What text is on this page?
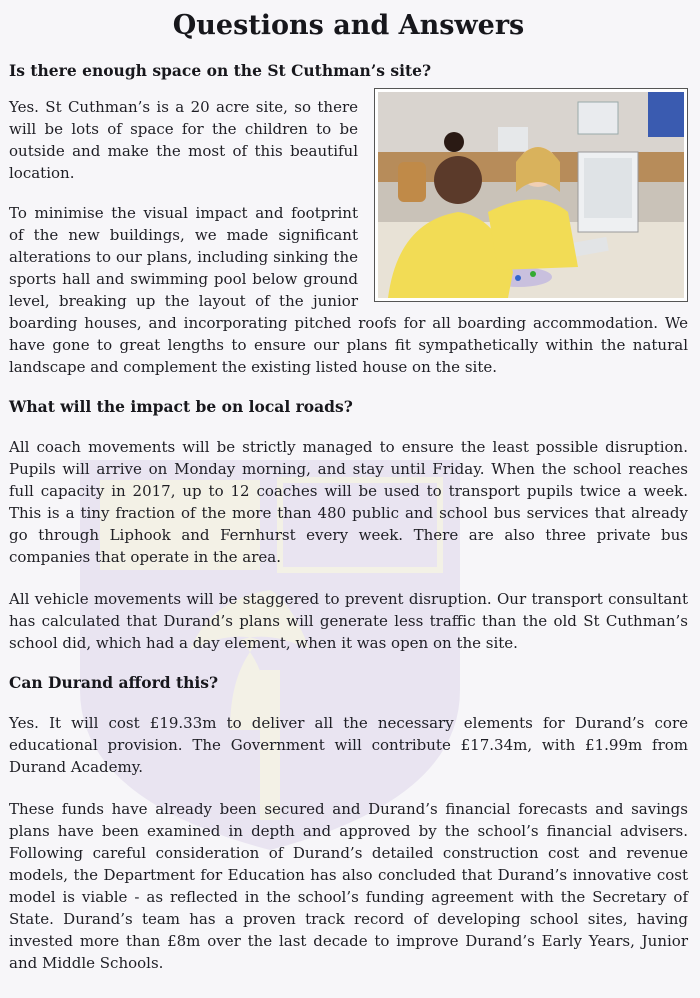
Questions and Answers
Is there enough space on the St Cuthman’s site?

Yes. St Cuthman’s is a 20 acre site, so there will be lots of space for the children to be outside and make the most of this beautiful location.

To minimise the visual impact and footprint of the new buildings, we made significant alterations to our plans, including sinking the sports hall and swimming pool below ground level, breaking up the layout of the junior boarding houses, and incorporating pitched roofs for all boarding accommodation. We have gone to great lengths to ensure our plans fit sympathetically within the natural landscape and complement the existing listed house on the site.

What will the impact be on local roads?

All coach movements will be strictly managed to ensure the least possible disruption. Pupils will arrive on Monday morning, and stay until Friday. When the school reaches full capacity in 2017, up to 12 coaches will be used to transport pupils twice a week. This is a tiny fraction of the more than 480 public and school bus services that already go through Liphook and Fernhurst every week. There are also three private bus companies that operate in the area.

All vehicle movements will be staggered to prevent disruption. Our transport consultant has calculated that Durand’s plans will generate less traffic than the old St Cuthman’s school did, which had a day element, when it was open on the site.

Can Durand afford this?

Yes. It will cost £19.33m to deliver all the necessary elements for Durand’s core educational provision. The Government will contribute £17.34m, with £1.99m from Durand Academy.

These funds have already been secured and Durand’s financial forecasts and savings plans have been examined in depth and approved by the school’s financial advisers. Following careful consideration of Durand’s detailed construction cost and revenue models, the Department for Education has also concluded that Durand’s innovative cost model is viable - as reflected in the school’s funding agreement with the Secretary of State. Durand’s team has a proven track record of developing school sites, having invested more than £8m over the last decade to improve Durand’s Early Years, Junior and Middle Schools.
